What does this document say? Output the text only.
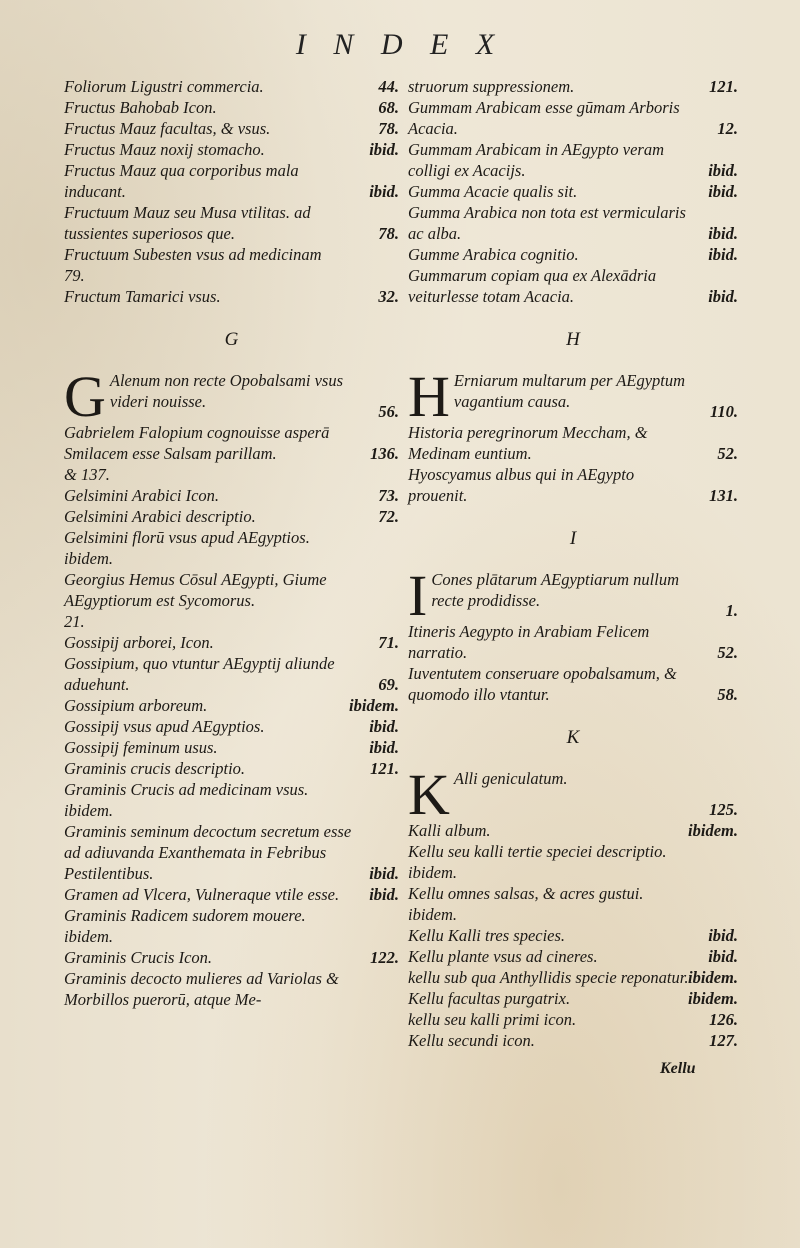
I N D E X
Foliorum Ligustri commercia.	44.
Fructus Bahobab Icon.	68.
Fructus Mauz facultas, & vsus.	78.
Fructus Mauz noxij stomacho.	ibid.
Fructus Mauz qua corporibus mala inducant.	ibid.
Fructuum Mauz seu Musa vtilitas. ad tussientes superiosos que.	78.
Fructuum Subesten vsus ad medicinam
79.
Fructum Tamarici vsus.	32.
G
G Alenum non recte Opobalsami vsus videri nouisse.
56.
Gabrielem Falopium cognouisse asperā Smilacem esse Salsam parillam.	136.
& 137.
Gelsimini Arabici Icon.	73.
Gelsimini Arabici descriptio.	72.
Gelsimini florū vsus apud AEgyptios.
ibidem.
Georgius Hemus Cōsul AEgypti, Giume AEgyptiorum est Sycomorus.
21.
Gossipij arborei, Icon.	71.
Gossipium, quo vtuntur AEgyptij aliunde aduehunt.	69.
Gossipium arboreum.	ibidem.
Gossipij vsus apud AEgyptios.	ibid.
Gossipij feminum usus.	ibid.
Graminis crucis descriptio.	121.
Graminis Crucis ad medicinam vsus.
ibidem.
Graminis seminum decoctum secretum esse ad adiuvanda Exanthemata in Febribus Pestilentibus.	ibid.
Gramen ad Vlcera, Vulneraque vtile esse. ibid.
Graminis Radicem sudorem mouere.
ibidem.
Graminis Crucis Icon.	122.
Graminis decocto mulieres ad Variolas & Morbillos puerorū, atque Me-
struorum suppressionem.	121.
Gummam Arabicam esse gūmam Arboris Acacia.	12.
Gummam Arabicam in AEgypto veram colligi ex Acacijs.	ibid.
Gumma Acacie qualis sit.	ibid.
Gumma Arabica non tota est vermicularis ac alba.	ibid.
Gumme Arabica cognitio.	ibid.
Gummarum copiam qua ex Alexādria veiturlesse totam Acacia.	ibid.
H
H Erniarum multarum per AEgyptum vagantium causa.
110.
Historia peregrinorum Meccham, & Medinam euntium.	52.
Hyoscyamus albus qui in AEgypto prouenit.	131.
I
I Cones plātarum AEgyptiarum nullum recte prodidisse.
1.
Itineris Aegypto in Arabiam Felicem narratio.	52.
Iuventutem conseruare opobalsamum, & quomodo illo vtantur.	58.
K
K Alli geniculatum.
125.
Kalli album.	ibidem.
Kellu seu kalli tertie speciei descriptio.
ibidem.
Kellu omnes salsas, & acres gustui.
ibidem.
Kellu Kalli tres species.	ibid.
Kellu plante vsus ad cineres.	ibid.
kellu sub qua Anthyllidis specie reponatur. ibidem.
Kellu facultas purgatrix.	ibidem.
kellu seu kalli primi icon.	126.
Kellu secundi icon.	127.
Kellu
